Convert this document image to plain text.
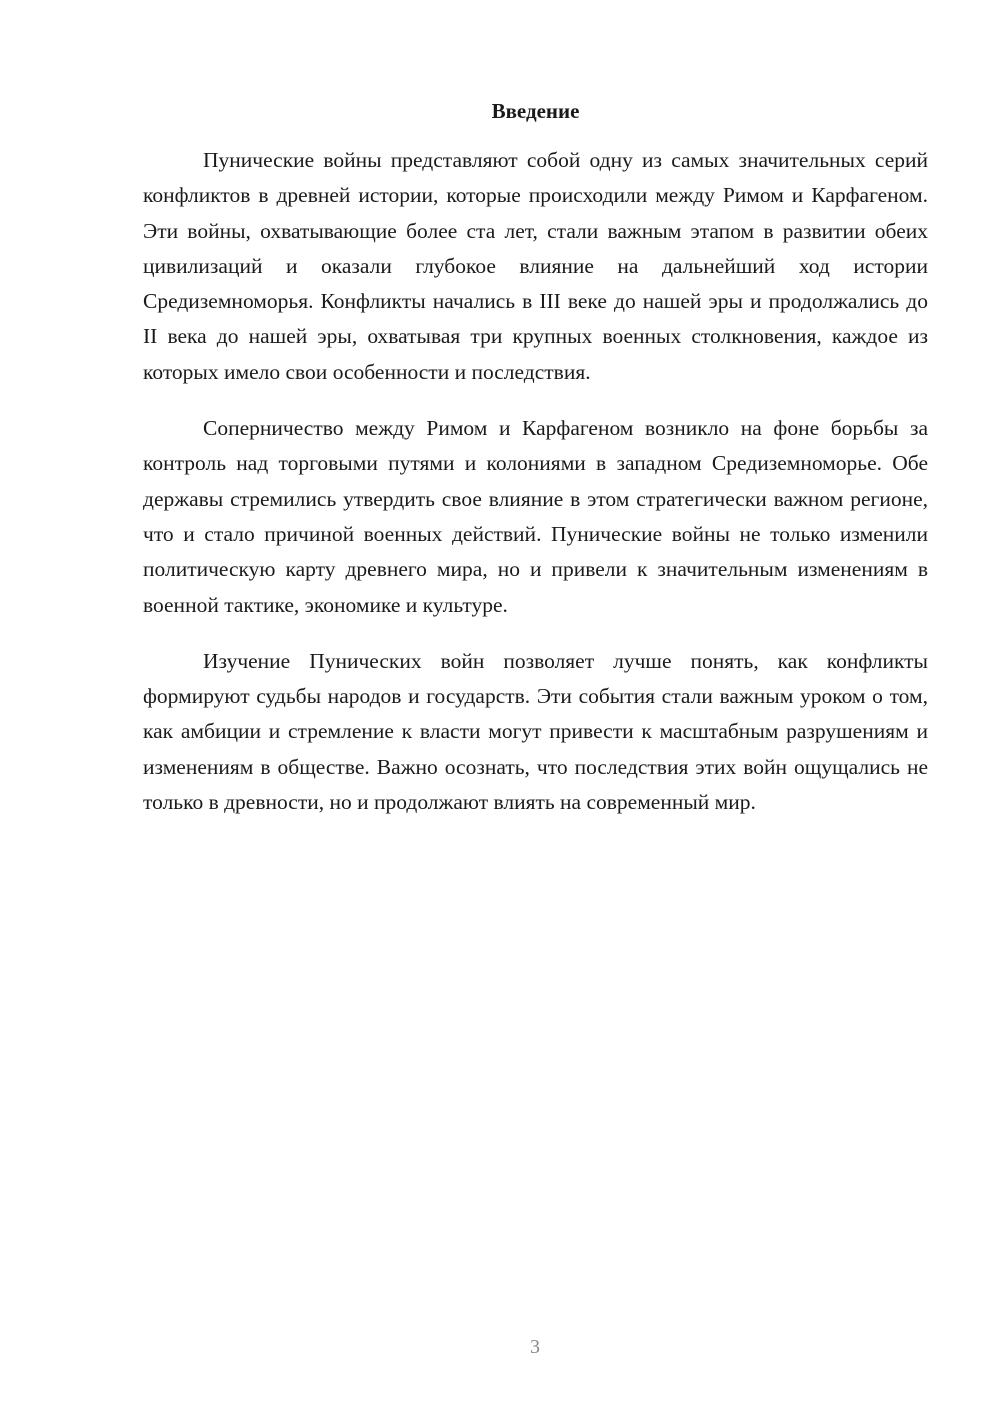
Введение

Пунические войны представляют собой одну из самых значительных серий конфликтов в древней истории, которые происходили между Римом и Карфагеном. Эти войны, охватывающие более ста лет, стали важным этапом в развитии обеих цивилизаций и оказали глубокое влияние на дальнейший ход истории Средиземноморья. Конфликты начались в III веке до нашей эры и продолжались до II века до нашей эры, охватывая три крупных военных столкновения, каждое из которых имело свои особенности и последствия.

Соперничество между Римом и Карфагеном возникло на фоне борьбы за контроль над торговыми путями и колониями в западном Средиземноморье. Обе державы стремились утвердить свое влияние в этом стратегически важном регионе, что и стало причиной военных действий. Пунические войны не только изменили политическую карту древнего мира, но и привели к значительным изменениям в военной тактике, экономике и культуре.

Изучение Пунических войн позволяет лучше понять, как конфликты формируют судьбы народов и государств. Эти события стали важным уроком о том, как амбиции и стремление к власти могут привести к масштабным разрушениям и изменениям в обществе. Важно осознать, что последствия этих войн ощущались не только в древности, но и продолжают влиять на современный мир.

3
